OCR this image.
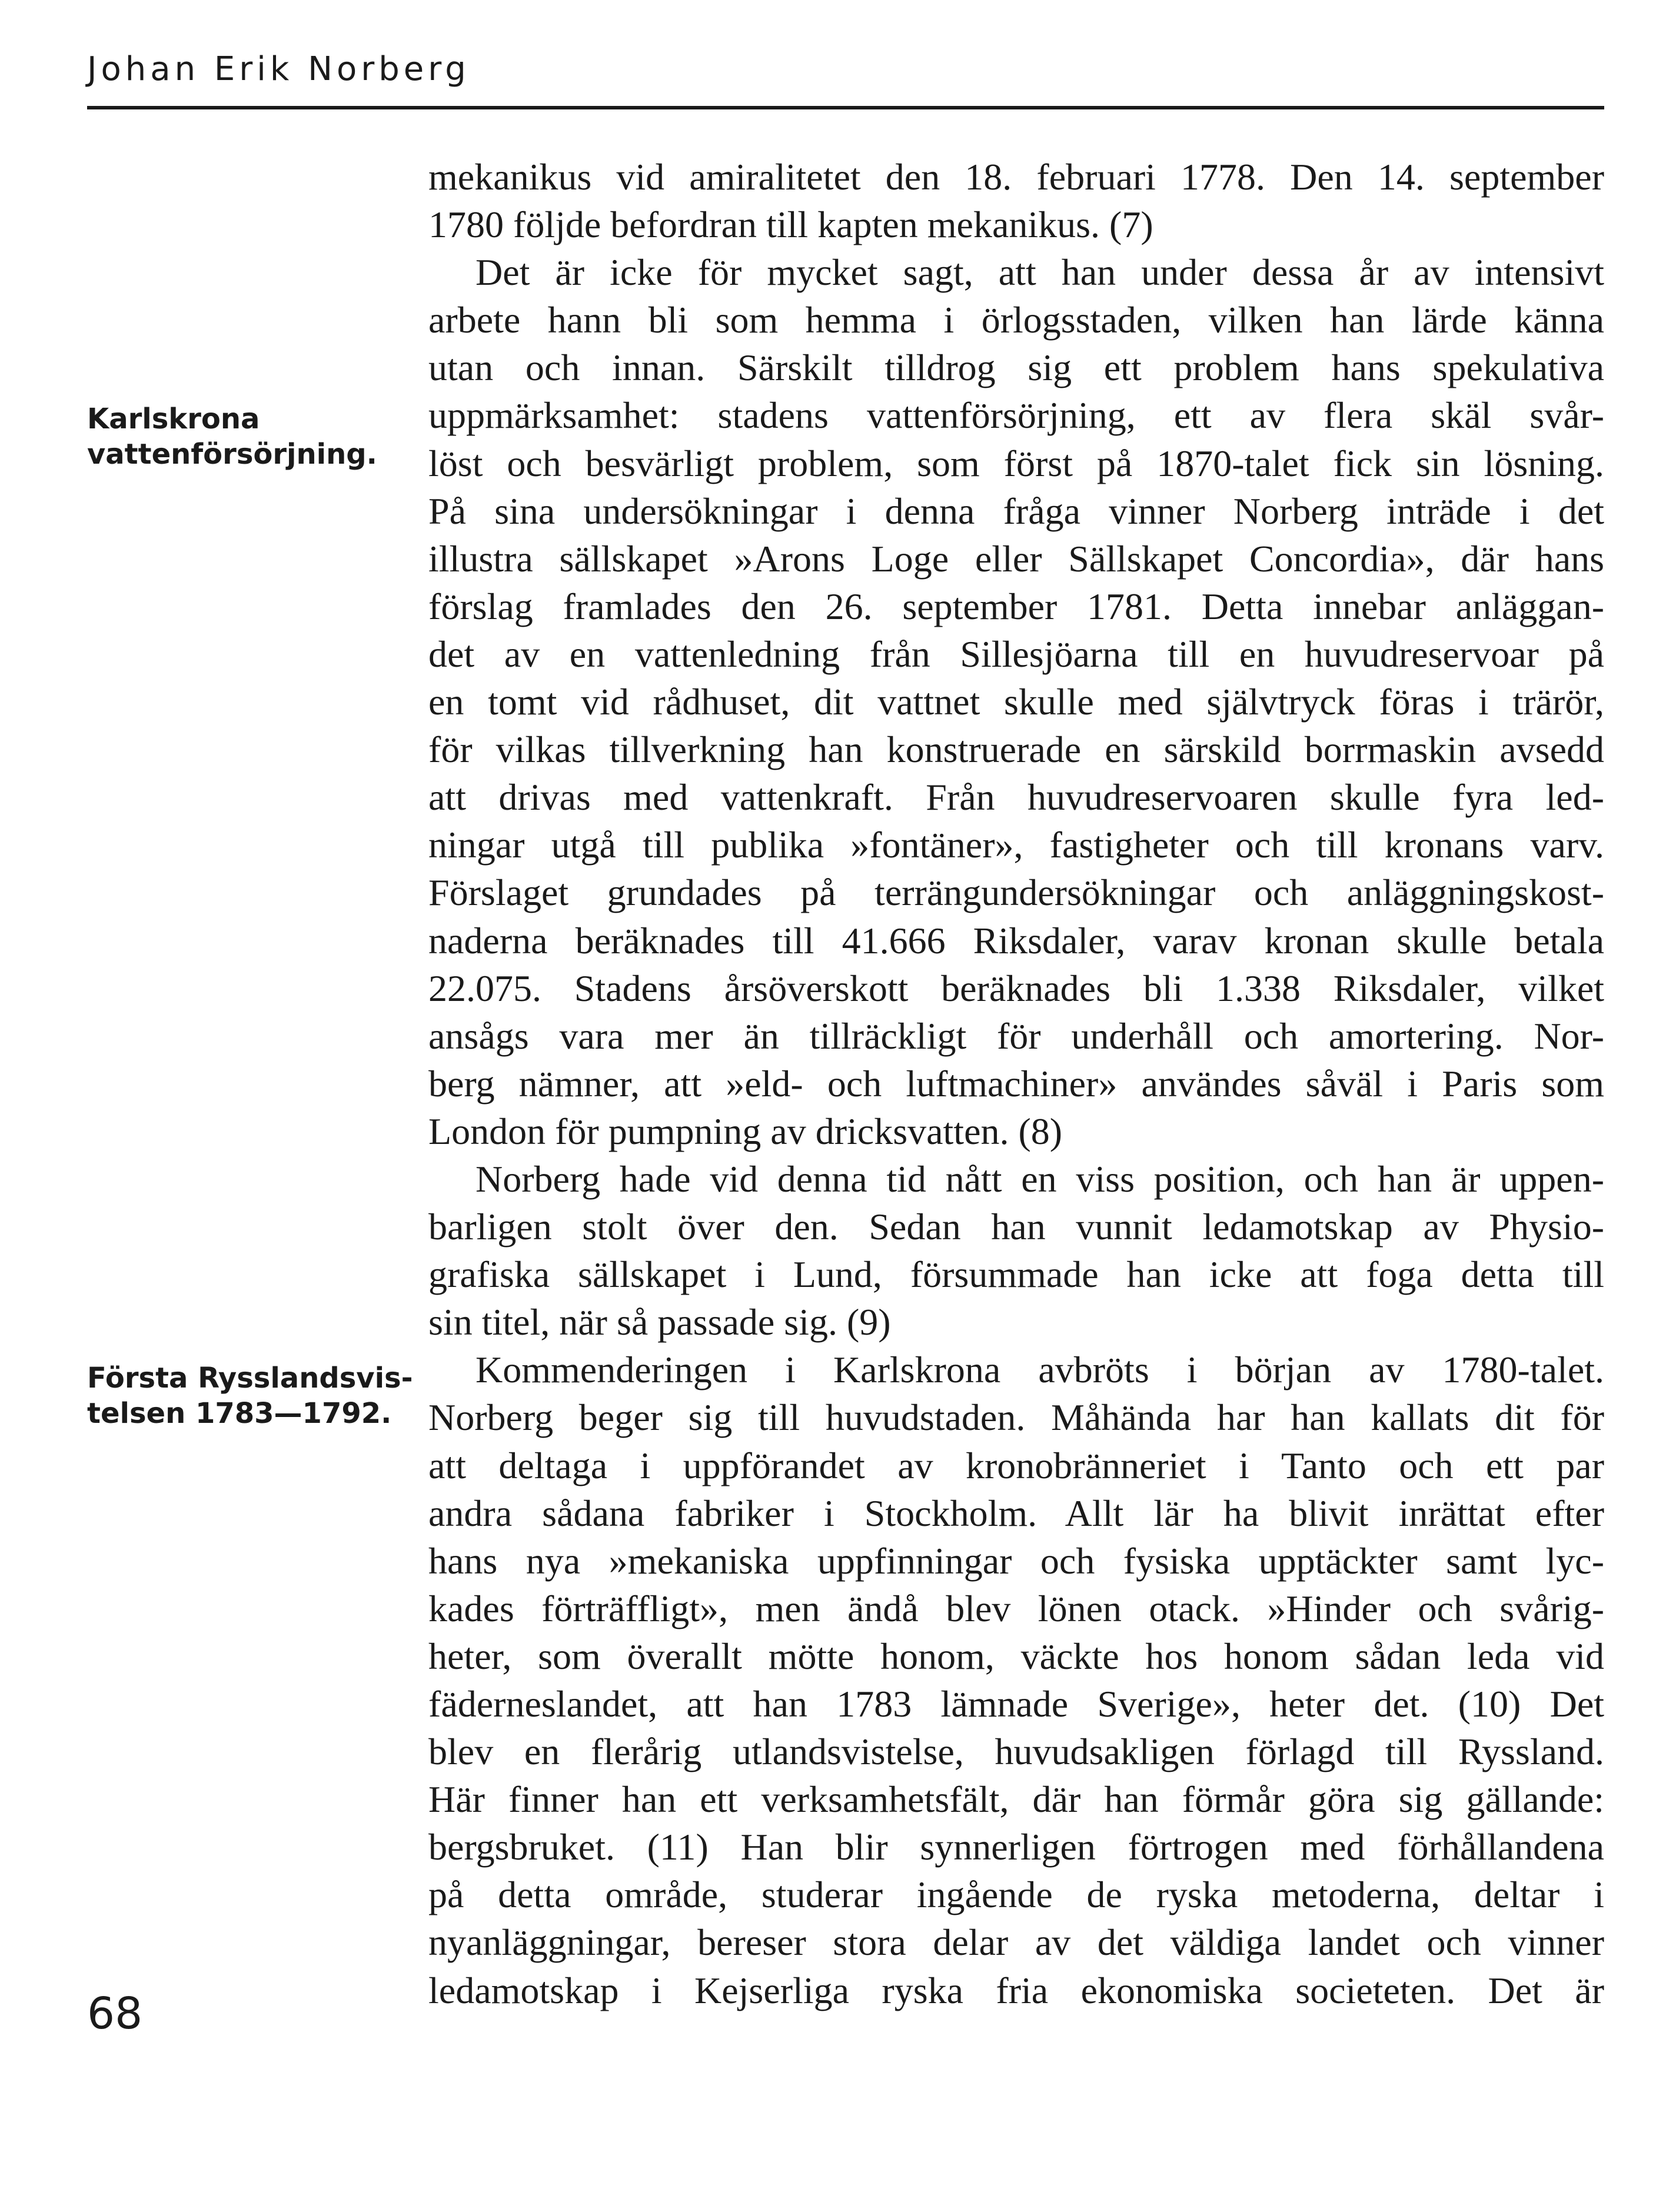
Johan Erik Norberg
Karlskrona
vattenförsörjning.
Första Rysslandsvis-
telsen 1783—1792.
68
mekanikus vid amiralitetet den 18. februari 1778. Den 14. september
1780 följde befordran till kapten mekanikus. (7)
Det är icke för mycket sagt, att han under dessa år av intensivt
arbete hann bli som hemma i örlogsstaden, vilken han lärde känna
utan och innan. Särskilt tilldrog sig ett problem hans spekulativa
uppmärksamhet: stadens vattenförsörjning, ett av flera skäl svår-
löst och besvärligt problem, som först på 1870-talet fick sin lösning.
På sina undersökningar i denna fråga vinner Norberg inträde i det
illustra sällskapet »Arons Loge eller Sällskapet Concordia», där hans
förslag framlades den 26. september 1781. Detta innebar anläggan-
det av en vattenledning från Sillesjöarna till en huvudreservoar på
en tomt vid rådhuset, dit vattnet skulle med självtryck föras i trärör,
för vilkas tillverkning han konstruerade en särskild borrmaskin avsedd
att drivas med vattenkraft. Från huvudreservoaren skulle fyra led-
ningar utgå till publika »fontäner», fastigheter och till kronans varv.
Förslaget grundades på terrängundersökningar och anläggningskost-
naderna beräknades till 41.666 Riksdaler, varav kronan skulle betala
22.075. Stadens årsöverskott beräknades bli 1.338 Riksdaler, vilket
ansågs vara mer än tillräckligt för underhåll och amortering. Nor-
berg nämner, att »eld- och luftmachiner» användes såväl i Paris som
London för pumpning av dricksvatten. (8)
Norberg hade vid denna tid nått en viss position, och han är uppen-
barligen stolt över den. Sedan han vunnit ledamotskap av Physio-
grafiska sällskapet i Lund, försummade han icke att foga detta till
sin titel, när så passade sig. (9)
Kommenderingen i Karlskrona avbröts i början av 1780-talet.
Norberg beger sig till huvudstaden. Måhända har han kallats dit för
att deltaga i uppförandet av kronobränneriet i Tanto och ett par
andra sådana fabriker i Stockholm. Allt lär ha blivit inrättat efter
hans nya »mekaniska uppfinningar och fysiska upptäckter samt lyc-
kades förträffligt», men ändå blev lönen otack. »Hinder och svårig-
heter, som överallt mötte honom, väckte hos honom sådan leda vid
fäderneslandet, att han 1783 lämnade Sverige», heter det. (10) Det
blev en flerårig utlandsvistelse, huvudsakligen förlagd till Ryssland.
Här finner han ett verksamhetsfält, där han förmår göra sig gällande:
bergsbruket. (11) Han blir synnerligen förtrogen med förhållandena
på detta område, studerar ingående de ryska metoderna, deltar i
nyanläggningar, bereser stora delar av det väldiga landet och vinner
ledamotskap i Kejserliga ryska fria ekonomiska societeten. Det är
